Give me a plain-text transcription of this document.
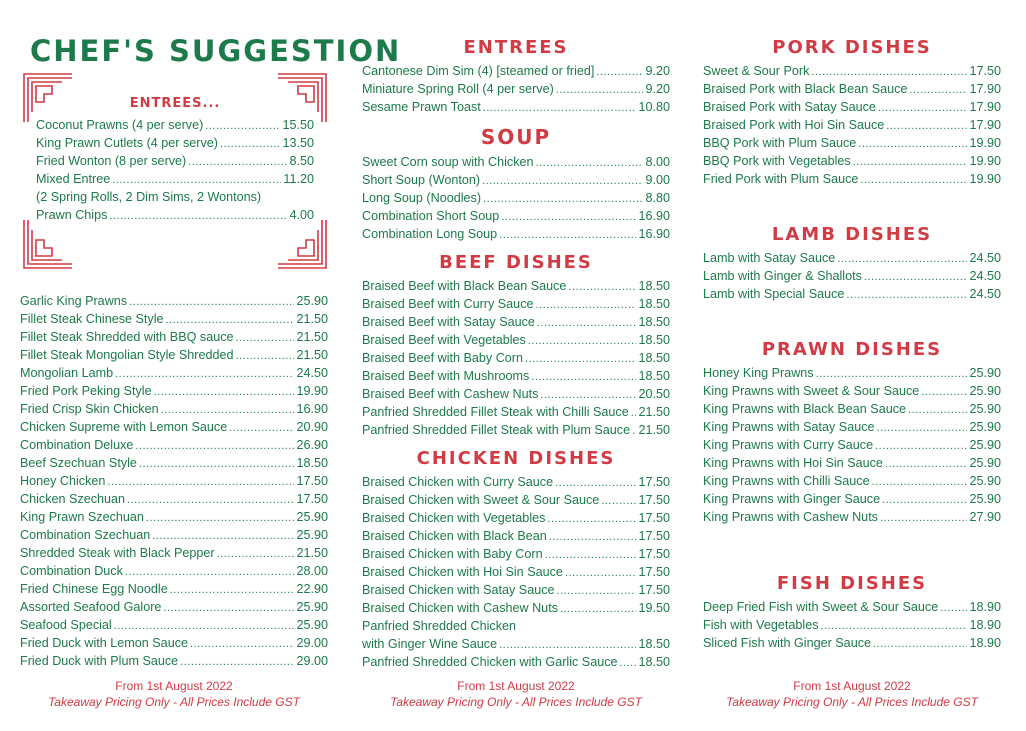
CHEF'S SUGGESTION
ENTREES...
Coconut Prawns (4 per serve) .....	15.50
King Prawn Cutlets (4 per serve) .....	13.50
Fried Wonton (8 per serve) .....	8.50
Mixed Entree .....	11.20
(2 Spring Rolls, 2 Dim Sims, 2 Wontons)
Prawn Chips .....	4.00
Garlic King Prawns .....	25.90
Fillet Steak Chinese Style .....	21.50
Fillet Steak Shredded with BBQ sauce .....	21.50
Fillet Steak Mongolian Style Shredded .....	21.50
Mongolian Lamb .....	24.50
Fried Pork Peking Style .....	19.90
Fried Crisp Skin Chicken .....	16.90
Chicken Supreme with Lemon Sauce .....	20.90
Combination Deluxe .....	26.90
Beef Szechuan Style .....	18.50
Honey Chicken .....	17.50
Chicken Szechuan .....	17.50
King Prawn Szechuan .....	25.90
Combination Szechuan .....	25.90
Shredded Steak with Black Pepper .....	21.50
Combination Duck .....	28.00
Fried Chinese Egg Noodle .....	22.90
Assorted Seafood Galore .....	25.90
Seafood Special .....	25.90
Fried Duck with Lemon Sauce .....	29.00
Fried Duck with Plum Sauce .....	29.00
From 1st August 2022
Takeaway Pricing Only - All Prices Include GST
ENTREES
Cantonese Dim Sim (4) [steamed or fried] .....	9.20
Miniature Spring Roll (4 per serve) .....	9.20
Sesame Prawn Toast .....	10.80
SOUP
Sweet Corn soup with Chicken .....	8.00
Short Soup (Wonton) .....	9.00
Long Soup (Noodles) .....	8.80
Combination Short Soup .....	16.90
Combination Long Soup .....	16.90
BEEF DISHES
Braised Beef with Black Bean Sauce .....	18.50
Braised Beef with Curry Sauce .....	18.50
Braised Beef with Satay Sauce .....	18.50
Braised Beef with Vegetables .....	18.50
Braised Beef with Baby Corn .....	18.50
Braised Beef with Mushrooms .....	18.50
Braised Beef with Cashew Nuts .....	20.50
Panfried Shredded Fillet Steak with Chilli Sauce ..... 21.50
Panfried Shredded Fillet Steak with Plum Sauce ..... 21.50
CHICKEN DISHES
Braised Chicken with Curry Sauce .....	17.50
Braised Chicken with Sweet & Sour Sauce .....	17.50
Braised Chicken with Vegetables .....	17.50
Braised Chicken with Black Bean .....	17.50
Braised Chicken with Baby Corn .....	17.50
Braised Chicken with Hoi Sin Sauce .....	17.50
Braised Chicken with Satay Sauce .....	17.50
Braised Chicken with Cashew Nuts .....	19.50
Panfried Shredded Chicken
with Ginger Wine Sauce .....	18.50
Panfried Shredded Chicken with Garlic Sauce ..... 18.50
From 1st August 2022
Takeaway Pricing Only - All Prices Include GST
PORK DISHES
Sweet & Sour Pork .....	17.50
Braised Pork with Black Bean Sauce .....	17.90
Braised Pork with Satay Sauce .....	17.90
Braised Pork with Hoi Sin Sauce .....	17.90
BBQ Pork with Plum Sauce .....	19.90
BBQ Pork with Vegetables .....	19.90
Fried Pork with Plum Sauce .....	19.90
LAMB DISHES
Lamb with Satay Sauce .....	24.50
Lamb with Ginger & Shallots .....	24.50
Lamb with Special Sauce .....	24.50
PRAWN DISHES
Honey King Prawns .....	25.90
King Prawns with Sweet & Sour Sauce .....	25.90
King Prawns with Black Bean Sauce .....	25.90
King Prawns with Satay Sauce .....	25.90
King Prawns with Curry Sauce .....	25.90
King Prawns with Hoi Sin Sauce .....	25.90
King Prawns with Chilli Sauce .....	25.90
King Prawns with Ginger Sauce .....	25.90
King Prawns with Cashew Nuts .....	27.90
FISH DISHES
Deep Fried Fish with Sweet & Sour Sauce ..... 18.90
Fish with Vegetables .....	18.90
Sliced Fish with Ginger Sauce .....	18.90
From 1st August 2022
Takeaway Pricing Only - All Prices Include GST
